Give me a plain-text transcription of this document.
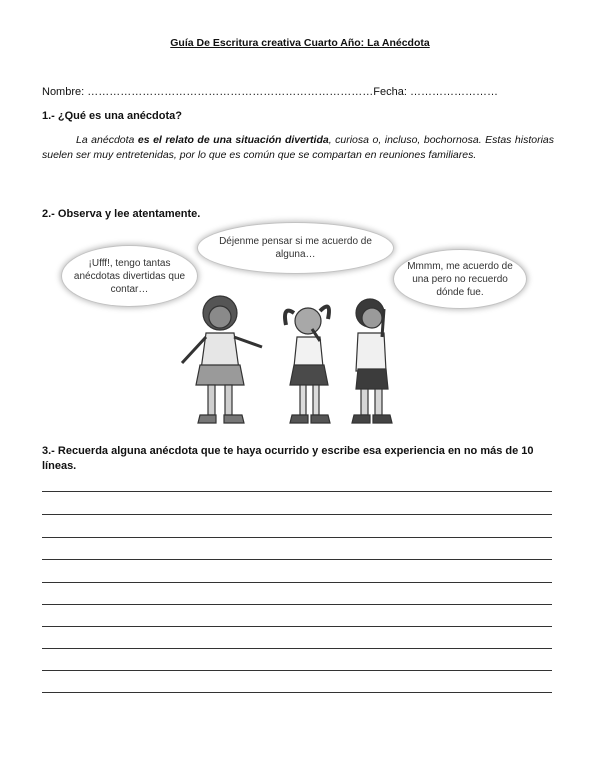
Guía De Escritura creativa Cuarto Año: La Anécdota
Nombre: ……………………………………………………………………Fecha: ……………………
1.- ¿Qué es una anécdota?
La anécdota es el relato de una situación divertida, curiosa o, incluso, bochornosa. Estas historias suelen ser muy entretenidas, por lo que es común que se compartan en reuniones familiares.
2.- Observa y lee atentamente.
Déjenme pensar si me acuerdo de alguna…
¡Ufff!, tengo tantas anécdotas divertidas que contar…
Mmmm, me acuerdo de una pero no recuerdo dónde fue.
3.- Recuerda alguna anécdota que te haya ocurrido y escribe esa experiencia en no más de 10 líneas.
